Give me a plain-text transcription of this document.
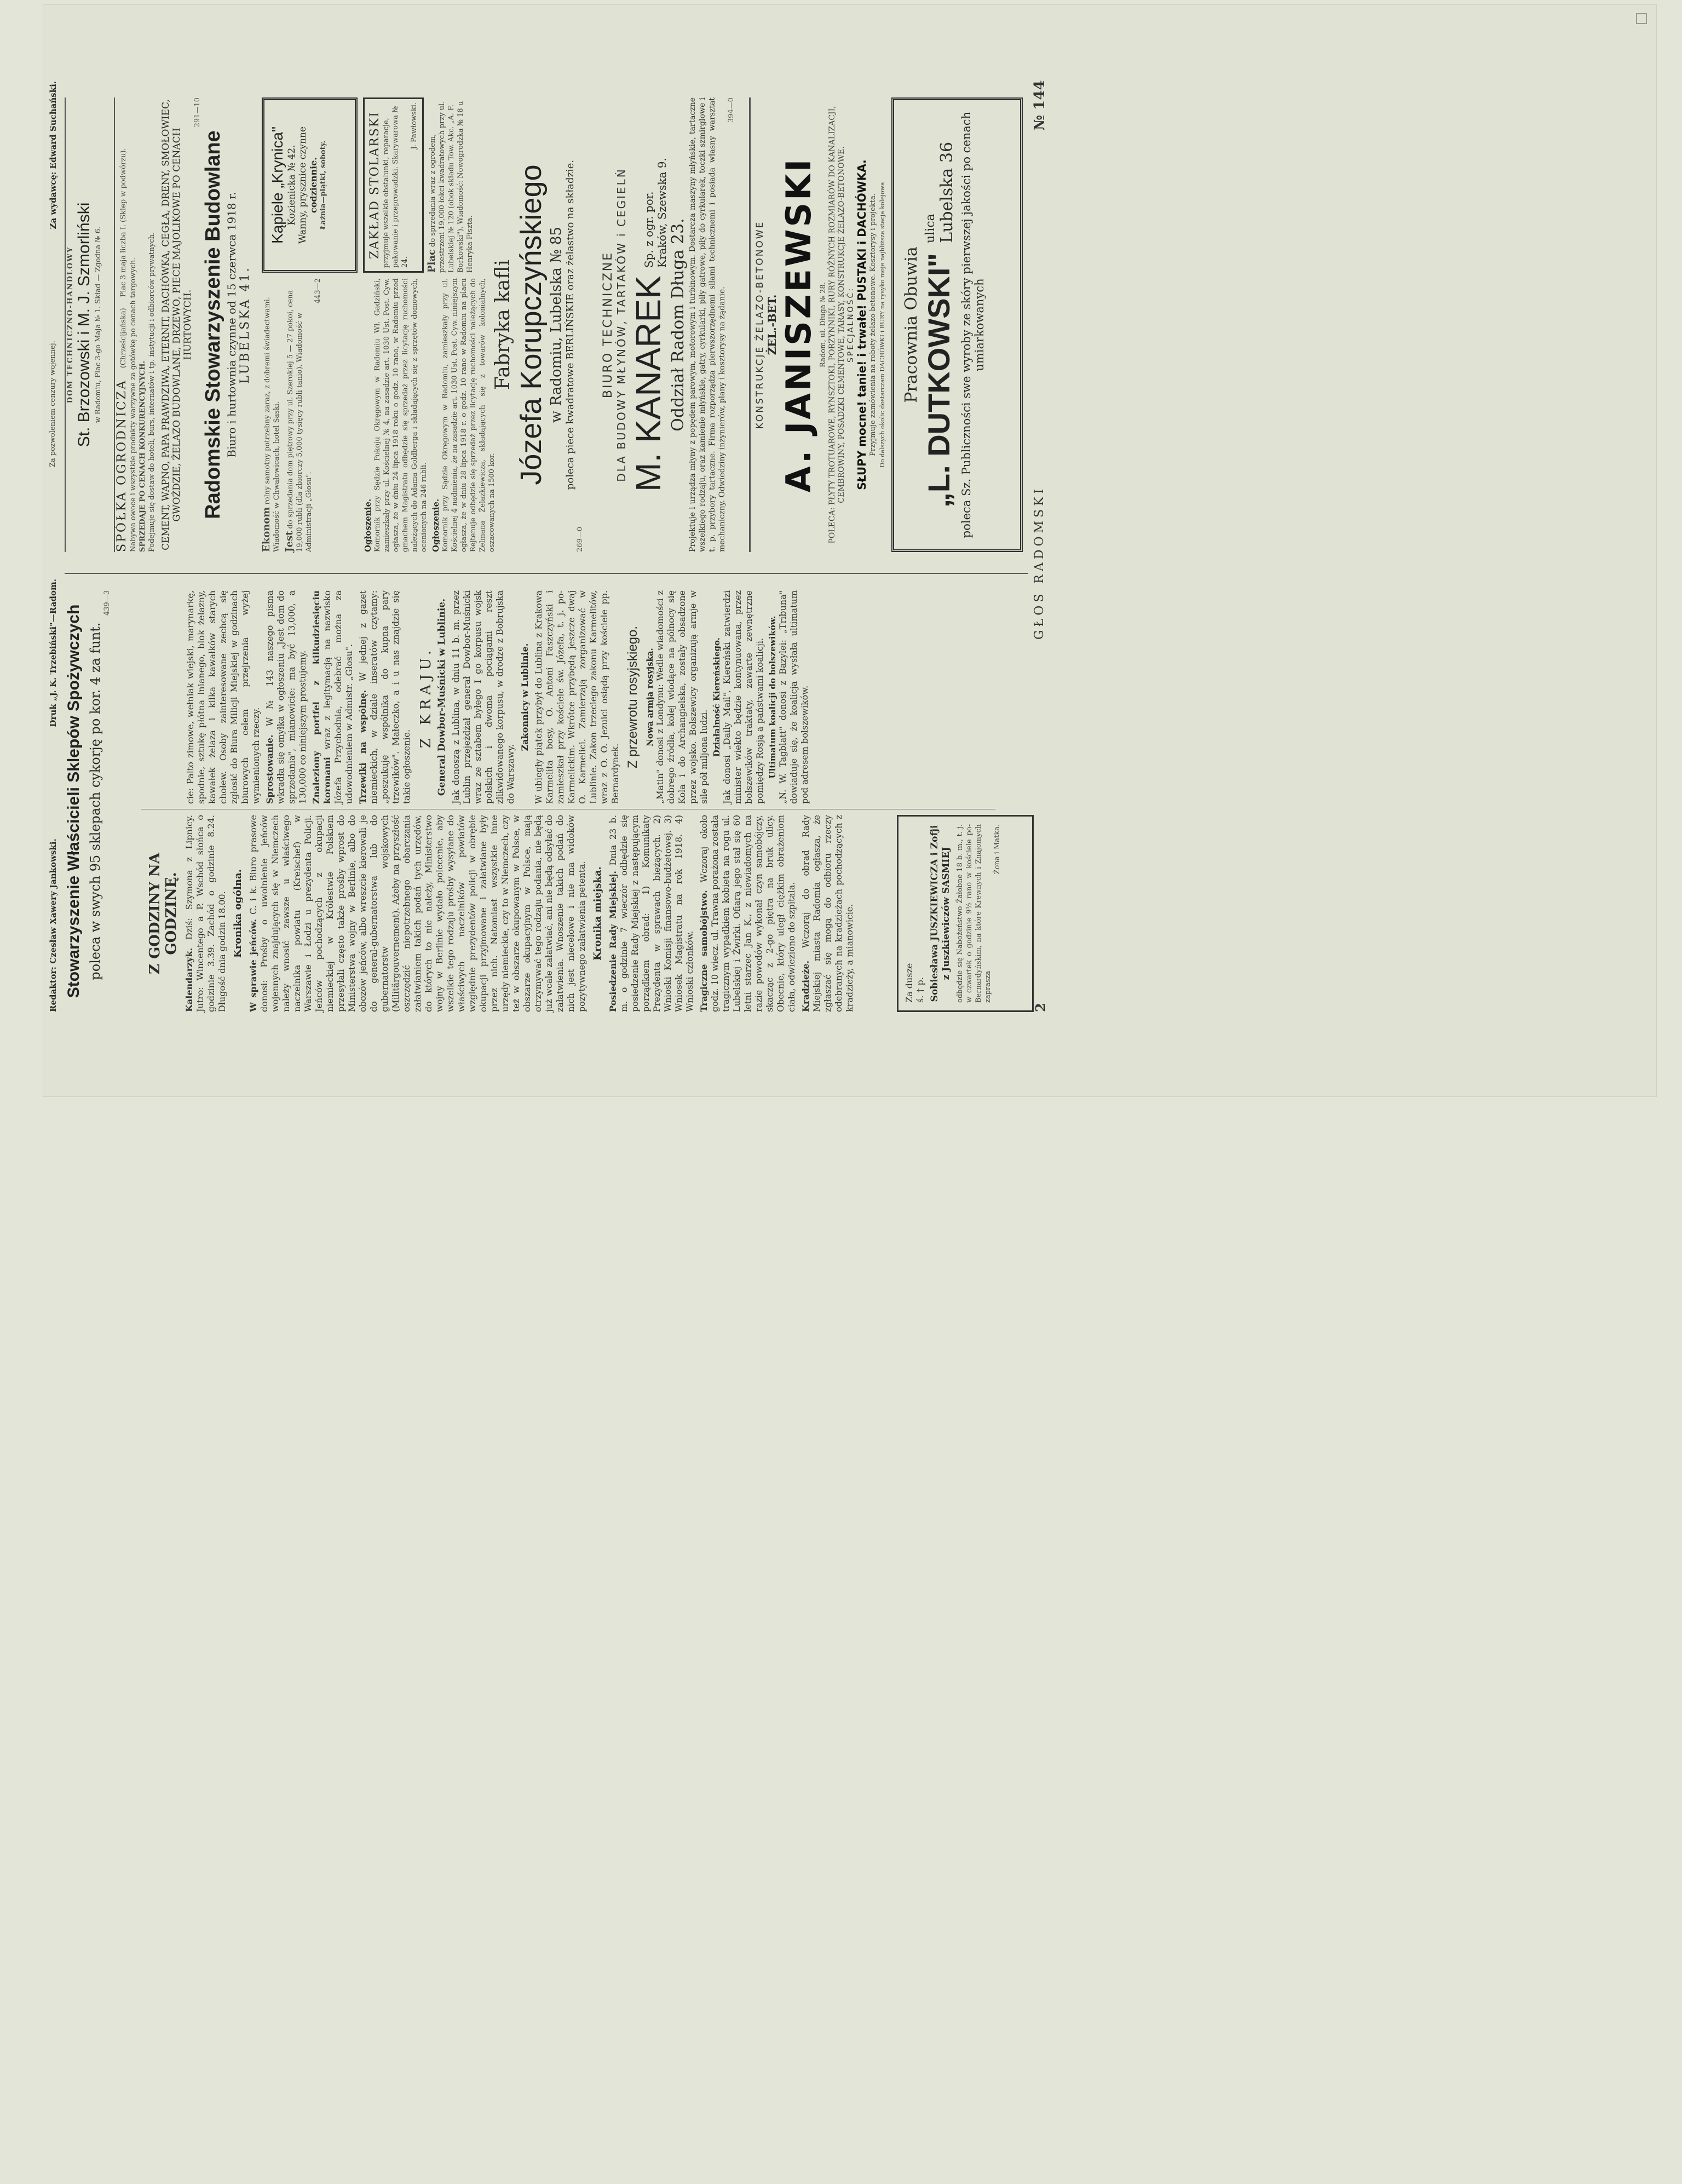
2
GŁOS RADOMSKI
№ 144
Za dusze ś. † p. Sobiesława JUSZKIEWICZA i Zofji z Juszkiewiczów SASMIEJ odbędzie się Nabożeństwo Żałobne 18 b. m., t. j. w czwartek o godzinie 9½ rano w kościele po-Bernardyńskim, na które Krewnych i Znajomych zaprasza
Żona i Matka.
Z GODZINY NA GODZINĘ.
Kalendarzyk. Dziś: Szymona z Lipnicy. Jutro: Wincentego a P. Wschód słońca o godzinie 3.39. Zachód o godzinie 8.24. Długość dnia godzin 18.00. Kronika ogólna.
W sprawie jeńców. C. i k. Biuro prasowe donosi: Prośby o uwolnienie jeńców wojennych znajdujących się w Niemczech należy wnosić zawsze u właściwego naczelnika powiatu (Kreischef) w Warszawie i Łodzi u prezydenta Policji. Jeńców pochodzących z okupacji niemieckiej w Królestwie Polskiem przesyłali często także prośby wprost do Ministerstwa wojny w Berlinie, albo do obozów jeńców, albo wreszcie kierowali je do general-gubernatorstwa lub do gubernatorstw wojskowych (Militärgouvernement). Ażeby na przyszłość oszczędzić niepotrzebnego obarczania załatwianiem takich podań tych urzędów, do których to nie należy, Ministerstwo wojny w Berlinie wydało polecenie, aby wszelkie tego rodzaju prośby wysyłane do właściwych naczelników powiatów względnie prezydentów policji w obrębie okupacji przyjmowane i załatwiane były przez nich. Natomiast wszystkie inne urzędy niemieckie, czy to w Niemczech, czy też w obszarze okupowanym w Polsce, w obszarze okupacyjnym w Polsce, mają otrzymywać tego rodzaju podania, nie będą już wcale załatwiać, ani nie będą odsyłać do załatwienia. Wnoszenie takich podań do nich jest niecelowe i nie ma widoków pozytywnego załatwienia petenta. Kronika miejska. Posiedzenie Rady Miejskiej. Dnia 23 b. m. o godzinie 7 wieczór odbędzie się posiedzenie Rady Miejskiej z następującym porządkiem obrad: 1) Komunikaty Prezydenta w sprawach bieżących. 2) Wnioski Komisji finansowo-budżetowej. 3) Wniosek Magistratu na rok 1918. 4) Wnioski członków. Tragiczne samobójstwo. Wczoraj około godz. 10 wiecz. ul. Trawna porażona została tragicznym wypadkiem kobieta na rogu ul. Lubelskiej i Żwirki. Ofiarą jego stał się 60 letni starzec Jan K., z niewiadomych na razie powodów wykonał czyn samobójczy, skacząc z 2-go piętra na bruk ulicy. Obecnie, który uległ ciężkim obrażeniom ciała, odwieziono do szpitala. Kradzieże. Wczoraj do obrad Rady Miejskiej miasta Radomia ogłasza, że zgłaszać się mogą do odbioru rzeczy odebranych na kradzieżach pochodzących z kradzieży, a mianowicie.
cie: Palto zimowe, wełniak wiejski, marynarkę, spodnie, sztukę płótna lnianego, blok żelazny, kawałek żelaza i kilka kawałków starych chołew. Osoby zainteresowane zechcą się zgłosić do Biura Milicji Miejskiej w godzinach biurowych celem przejrzenia wyżej wymienionych rzeczy. Sprostowanie. W № 143 naszego pisma wkradła się omyłka w ogłoszeniu „Jest dom do sprzedania", mianowicie: ma być 13,000, a 130,000 co niniejszym prostujemy. Znaleziony portfel z kilkudziesięciu koronami wraz z legitymacją na nazwisko Józefa Przychodnia, odebrać można za udowodnieniem w Admistr. „Głosu". Trzewiki na wspólnę. W jednej z gazet niemieckich, w dziale inseratów czytamy: „poszukuję wspólnika do kupna pary trzewików". Małeczko, a i u nas znajdzie się takie ogłoszenie.
Z KRAJU. General Dowbor-Muśnicki w Lublinie. Jak donoszą z Lublina, w dniu 11 b. m. przez Lublin przejeżdżał generał Dowbor-Muśnicki wraz ze sztabem byłego I go korpusu wojsk polskich i dwoma pociągami reszt zlikwidowanego korpusu, w drodze z Bobrujska do Warszawy.
Zakonnicy w Lublinie. W ubiegły piątek przybył do Lublina z Krakowa Karmelita bosy, O. Antoni Faszczyński i zamieszkał przy kościele św. Józefa, t. j. po-Karmelickim. Wkrótce przybędą jeszcze dwaj O. Karmelici. Zamierzają zorganizować w Lublinie. Zakon trzeciego zakonu Karmelitów, wraz z O. O. Jezuici osiądą przy kościele pp. Bernardynek.
Z przewrotu rosyjskiego. Nowa armja rosyjska. „Matin" donosi z Londynu: Wedle wiadomości z dobrego źródła, kolej wiodące na północy się Kola i do Archangielska, zostały obsadzone przez wojsko. Bolszewicy organizują armje w sile pół miljona ludzi. Działalność Kiereńskiego. Jak donosi „Daily Mail", Kiereński zatwierdzi minister wiekto będzie kontynuowana, przez bolszewików traktaty, zawarte zewnętrzne pomiędzy Rosją a państwami koalicji. Ultimatum koalicji do bolszewików. „N. W. Tagblatt" donosi z Bazylei: „Tribuna" dowiaduje się, że koalicja wysłała ultimatum pod adresem bolszewików.
Stowarzyszenie Właścicieli Sklepów Spożywczych poleca w swych 95 sklepach cykorję po kor. 4 za funt.
439—3
Pracownia Obuwia „L. DUTKOWSKI"
ulica Lubelska 36 poleca Sz. Publiczności swe wyroby ze skóry pierwszej jakości po cenach umiarkowanych
KONSTRUKCJE ŻELAZO-BETONOWE ŻEL.-BET. A. JANISZEWSKI Radom, ul. Długa № 28. POLECA: PŁYTY TROTUAROWE, RYNSZTOKI, PORZYNNIKI, RURY RÓŻNYCH ROZMIARÓW DO KANALIZACJI, CEMBROWINY, POSADZKI CEMENTOWE, TARASY, KONSTRUKCJE ŻELAZO-BETONOWE. SPECJALNOŚĆ: SŁUPY mocne! tanie! i trwałe! PUSTAKI i DACHÓWKA. Przyjmuje zamówienia na roboty żelazo-betonowe. Kosztorysy i projekta. Do dalszych okolic dostarczam DACHÓWKI i RURY na rysyko moje najbliższa stacja kolejowa
BIURO TECHNICZNE DLA BUDOWY MŁYNÓW, TARTAKÓW i CEGIELŃ M. KANAREK
Sp. z ogr. por. Kraków, Szewska 9.
Oddział Radom Długa 23. Projektuje i urządza młyny z popędem parowym, motorowym i turbinowym. Dostarcza maszyny młyńskie, tartaczne wszelkiego rodzaju, oraz kamienie młyńskie, gatry, cyrkularki, piły gatrowe, piły do cyrkularek, toczki szmirglowe i t. p. przybory tartaczne. Firma rozporządza pierwszorzędnemi siłami technicznemi i posiada własny warsztat mechaniczny. Odwiedziny inżynierów, plany i kosztorysy na żądanie.
394—0
Fabryka kafli Józefa Korupczyńskiego w Radomiu, Lubelska № 85 poleca piece kwadratowe BERLIŃSKIE oraz żelastwo na składzie.
269—0
Ogłoszenie. Komornik przy Sędzie Pokoju Okręgowym w Radomiu Wł. Gadziński, zamieszkały przy ul. Kościelnej № 4, na zasadzie art. 1030 Ust. Post. Cyw. ogłasza, że w dniu 24 lipca 1918 roku o godz. 10 rano, w Radomiu przed gmachem Magistratu odbędzie się sprzedaż przez licytację ruchomości należących do Adama Goldberga i składających się z sprzętów domowych, ocenionych na 246 rubli. Ogłoszenie. Komornik przy Sądzie Okręgowym w Radomiu, zamieszkały przy ul. Kościelnej 4 nadmienia, że na zasadzie art. 1030 Ust. Post. Cyw. niniejszym ogłasza, że w dniu 28 lipca 1918 r. o godz. 10 rano w Radomiu na placu Rejtenuje odbędzie się sprzedaż przez licytację ruchomości należących do Zelmana Żelazkiewicza, składających się z towarów kolonialnych, oszacowanych na 1500 kor.
ZAKŁAD STOLARSKI przyjmuje wszelkie obstalunki, reparacje, pakowanie i przeprowadzki. Skarywarowa № 24.
J. Pawłowski.
Plac do sprzedania wraz z ogrodem, przestrzeni 19,000 łokci kwadratowych przy ul. Lubelskiej № 120 (obok składu Tow. Akc. „A. F. Borkowski"). Wiadomość: Nowogrodzka № 18 u Henryka Fiszta.
Ekonom rolny samotny potrzebny zaraz, z dobremi świadectwami. Wiadomość w Chwałowicach, hotel Saski. Jest do sprzedania dom piętrowy przy ul. Szerokiej 5 — 27 pokoi, cena 19,000 rubli (dla zbiorczy 5,000 tysięcy rubli tanio). Wiadomość w Administracji „Głosu".
443—2
Kąpiele „Krynica" Kozienicka № 42. Wanny, prysznice czynne codziennie. Łaźnia—piątki, soboty.
Radomskie Stowarzyszenie Budowlane Biuro i hurtownia czynne od 15 czerwca 1918 r. LUBELSKA 41.
CEMENT, WAPNO, PAPA PRAWDZIWA, ETERNIT, DACHÓWKA, CEGŁA, DRENY, SMOŁOWIEC, GWOŹDZIE, ŻELAZO BUDOWLANE, DRZEWO, PIECE MAJOLIKOWE PO CENACH HURTOWYCH.
291—10
SPÓŁKA OGRODNICZA
(Chrześcijańska)
Plac 3 maja liczba I. (Sklep w podwórzu).
Nabywa owoce i wszystkie produkty warzywne za gotówkę po cenach targowych. SPRZEDAJE PO CENACH KONKURENCYJNYCH. Podejmuje się dostaw do hoteli, burs, internatów i tp. instytucji i odbiorców prywatnych.
DOM TECHNICZNO-HANDLOWY St. Brzozowski i M. J. Szmorliński w Radomiu, Plac 3-go Maja № 1. Skład — Zgodna № 6.
Redaktor: Czesław Xawery Jankowski.
Druk „J. K. Trzebiński"—Radom.
Za pozwoleniem cenzury wojennej.
Za wydawcę: Edward Suchański.
